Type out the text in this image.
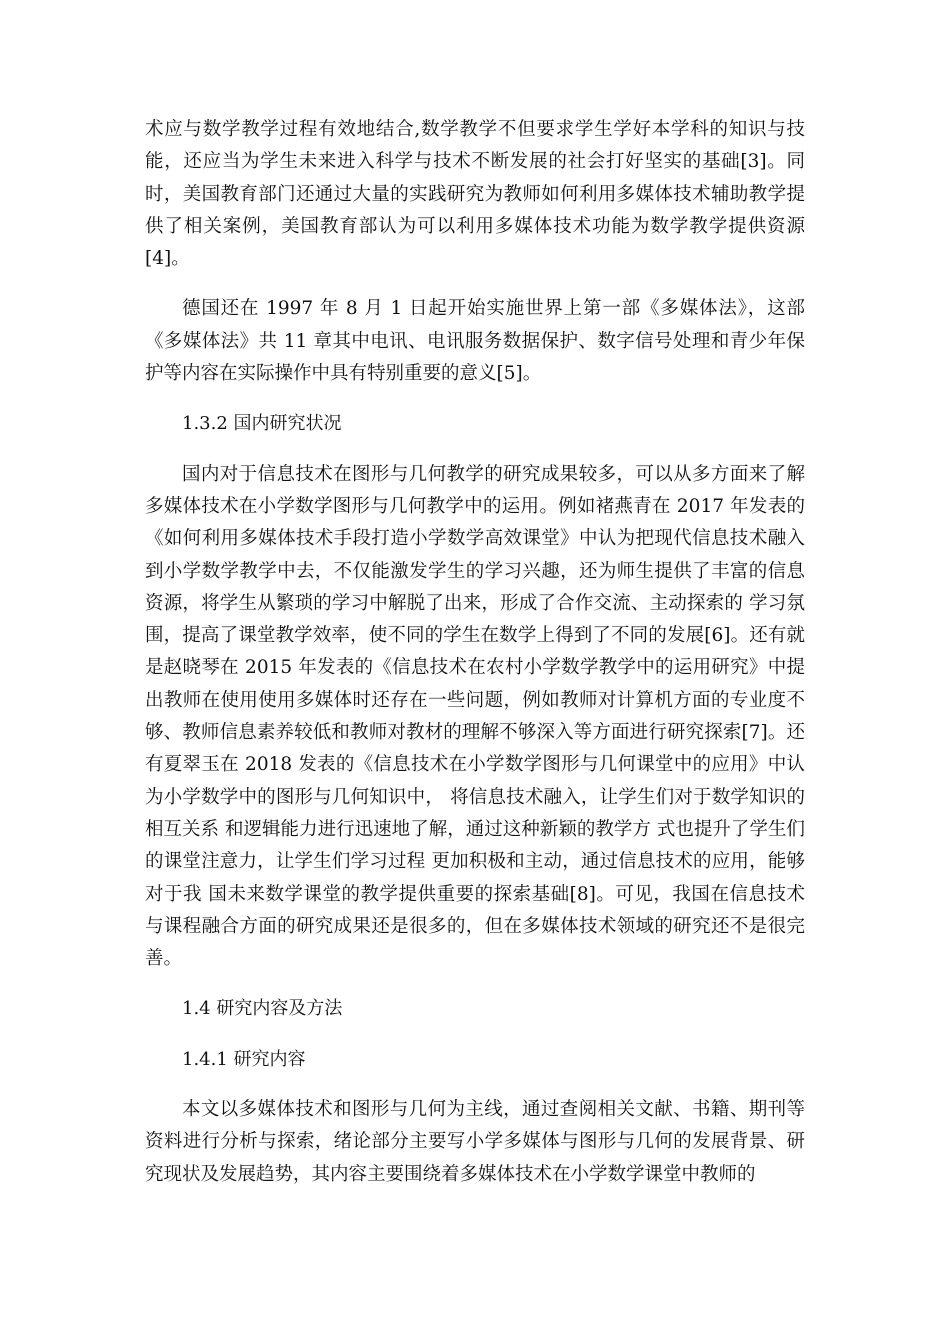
术应与数学教学过程有效地结合,数学教学不但要求学生学好本学科的知识与技能，还应当为学生未来进入科学与技术不断发展的社会打好坚实的基础[3]。同时，美国教育部门还通过大量的实践研究为教师如何利用多媒体技术辅助教学提供了相关案例，美国教育部认为可以利用多媒体技术功能为数学教学提供资源[4]。

德国还在 1997 年 8 月 1 日起开始实施世界上第一部《多媒体法》，这部《多媒体法》共 11 章其中电讯、电讯服务数据保护、数字信号处理和青少年保护等内容在实际操作中具有特别重要的意义[5]。

1.3.2 国内研究状况

国内对于信息技术在图形与几何教学的研究成果较多，可以从多方面来了解多媒体技术在小学数学图形与几何教学中的运用。例如褚燕青在 2017 年发表的《如何利用多媒体技术手段打造小学数学高效课堂》中认为把现代信息技术融入到小学数学教学中去，不仅能激发学生的学习兴趣，还为师生提供了丰富的信息资源，将学生从繁琐的学习中解脱了出来，形成了合作交流、主动探索的 学习氛围，提高了课堂教学效率，使不同的学生在数学上得到了不同的发展[6]。还有就是赵晓琴在 2015 年发表的《信息技术在农村小学数学教学中的运用研究》中提出教师在使用使用多媒体时还存在一些问题，例如教师对计算机方面的专业度不够、教师信息素养较低和教师对教材的理解不够深入等方面进行研究探索[7]。还有夏翠玉在 2018 发表的《信息技术在小学数学图形与几何课堂中的应用》中认为小学数学中的图形与几何知识中， 将信息技术融入，让学生们对于数学知识的相互关系 和逻辑能力进行迅速地了解，通过这种新颖的教学方 式也提升了学生们的课堂注意力，让学生们学习过程 更加积极和主动，通过信息技术的应用，能够对于我 国未来数学课堂的教学提供重要的探索基础[8]。可见，我国在信息技术与课程融合方面的研究成果还是很多的，但在多媒体技术领域的研究还不是很完善。

1.4 研究内容及方法

1.4.1 研究内容

本文以多媒体技术和图形与几何为主线，通过查阅相关文献、书籍、期刊等资料进行分析与探索，绪论部分主要写小学多媒体与图形与几何的发展背景、研究现状及发展趋势，其内容主要围绕着多媒体技术在小学数学课堂中教师的
